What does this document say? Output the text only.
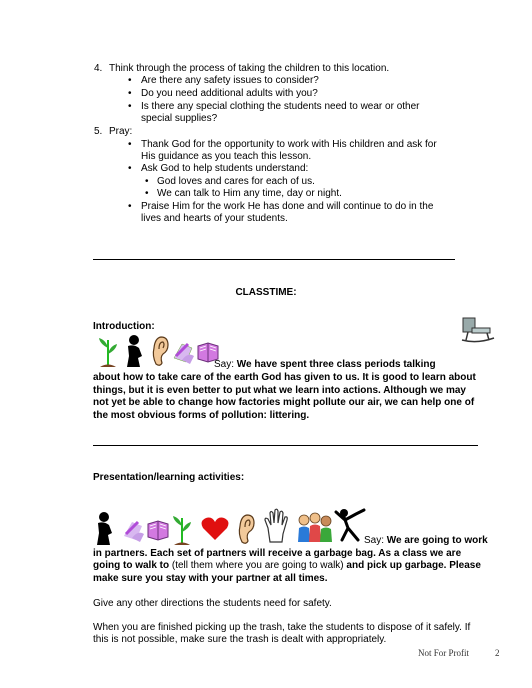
4. Think through the process of taking the children to this location.
• Are there any safety issues to consider?
• Do you need additional adults with you?
• Is there any special clothing the students need to wear or other
special supplies?
5. Pray:
• Thank God for the opportunity to work with His children and ask for
His guidance as you teach this lesson.
• Ask God to help students understand:
• God loves and cares for each of us.
• We can talk to Him any time, day or night.
• Praise Him for the work He has done and will continue to do in the
lives and hearts of your students.
CLASSTIME:
Introduction:
Say: We have spent three class periods talking
about how to take care of the earth God has given to us. It is good to learn about
things, but it is even better to put what we learn into actions. Although we may
not yet be able to change how factories might pollute our air, we can help one of
the most obvious forms of pollution: littering.
Presentation/learning activities:
Say: We are going to work
in partners. Each set of partners will receive a garbage bag. As a class we are
going to walk to (tell them where you are going to walk) and pick up garbage. Please
make sure you stay with your partner at all times.
Give any other directions the students need for safety.
When you are finished picking up the trash, take the students to dispose of it safely. If
this is not possible, make sure the trash is dealt with appropriately.
Not For Profit	2
